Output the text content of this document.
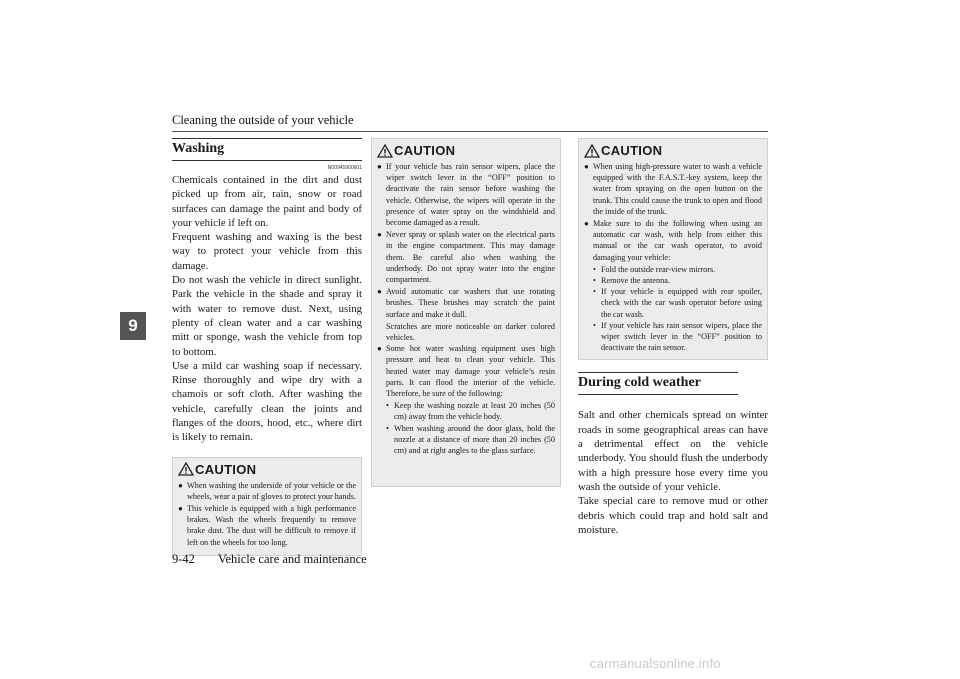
Cleaning the outside of your vehicle
9
Washing
N00945900601

Chemicals contained in the dirt and dust picked up from air, rain, snow or road surfaces can damage the paint and body of your vehicle if left on.

Frequent washing and waxing is the best way to protect your vehicle from this damage.

Do not wash the vehicle in direct sunlight. Park the vehicle in the shade and spray it with water to remove dust. Next, using plenty of clean water and a car washing mitt or sponge, wash the vehicle from top to bottom.

Use a mild car washing soap if necessary. Rinse thoroughly and wipe dry with a chamois or soft cloth. After washing the vehicle, carefully clean the joints and flanges of the doors, hood, etc., where dirt is likely to remain.

CAUTION

● When washing the underside of your vehicle or the wheels, wear a pair of gloves to protect your hands.

● This vehicle is equipped with a high performance brakes. Wash the wheels frequently to remove brake dust. The dust will be difficult to remove if left on the wheels for too long.

CAUTION

● If your vehicle has rain sensor wipers, place the wiper switch lever in the “OFF” position to deactivate the rain sensor before washing the vehicle. Otherwise, the wipers will operate in the presence of water spray on the windshield and become damaged as a result.

● Never spray or splash water on the electrical parts in the engine compartment. This may damage them. Be careful also when washing the underbody. Do not spray water into the engine compartment.

● Avoid automatic car washers that use rotating brushes. These brushes may scratch the paint surface and make it dull.

Scratches are more noticeable on darker colored vehicles.

● Some hot water washing equipment uses high pressure and heat to clean your vehicle. This heated water may damage your vehicle’s resin parts. It can flood the interior of the vehicle. Therefore, be sure of the following:

• Keep the washing nozzle at least 20 inches (50 cm) away from the vehicle body.

• When washing around the door glass, hold the nozzle at a distance of more than 20 inches (50 cm) and at right angles to the glass surface.

CAUTION

● When using high-pressure water to wash a vehicle equipped with the F.A.S.T.-key system, keep the water from spraying on the open button on the trunk. This could cause the trunk to open and flood the inside of the trunk.

● Make sure to do the following when using an automatic car wash, with help from either this manual or the car wash operator, to avoid damaging your vehicle:

• Fold the outside rear-view mirrors.

• Remove the antenna.

• If your vehicle is equipped with rear spoiler, check with the car wash operator before using the car wash.

• If your vehicle has rain sensor wipers, place the wiper switch lever in the “OFF” position to deactivate the rain sensor.

During cold weather

Salt and other chemicals spread on winter roads in some geographical areas can have a detrimental effect on the vehicle underbody. You should flush the underbody with a high pressure hose every time you wash the outside of your vehicle.

Take special care to remove mud or other debris which could trap and hold salt and moisture.

9-42 Vehicle care and maintenance
carmanualsonline.info
